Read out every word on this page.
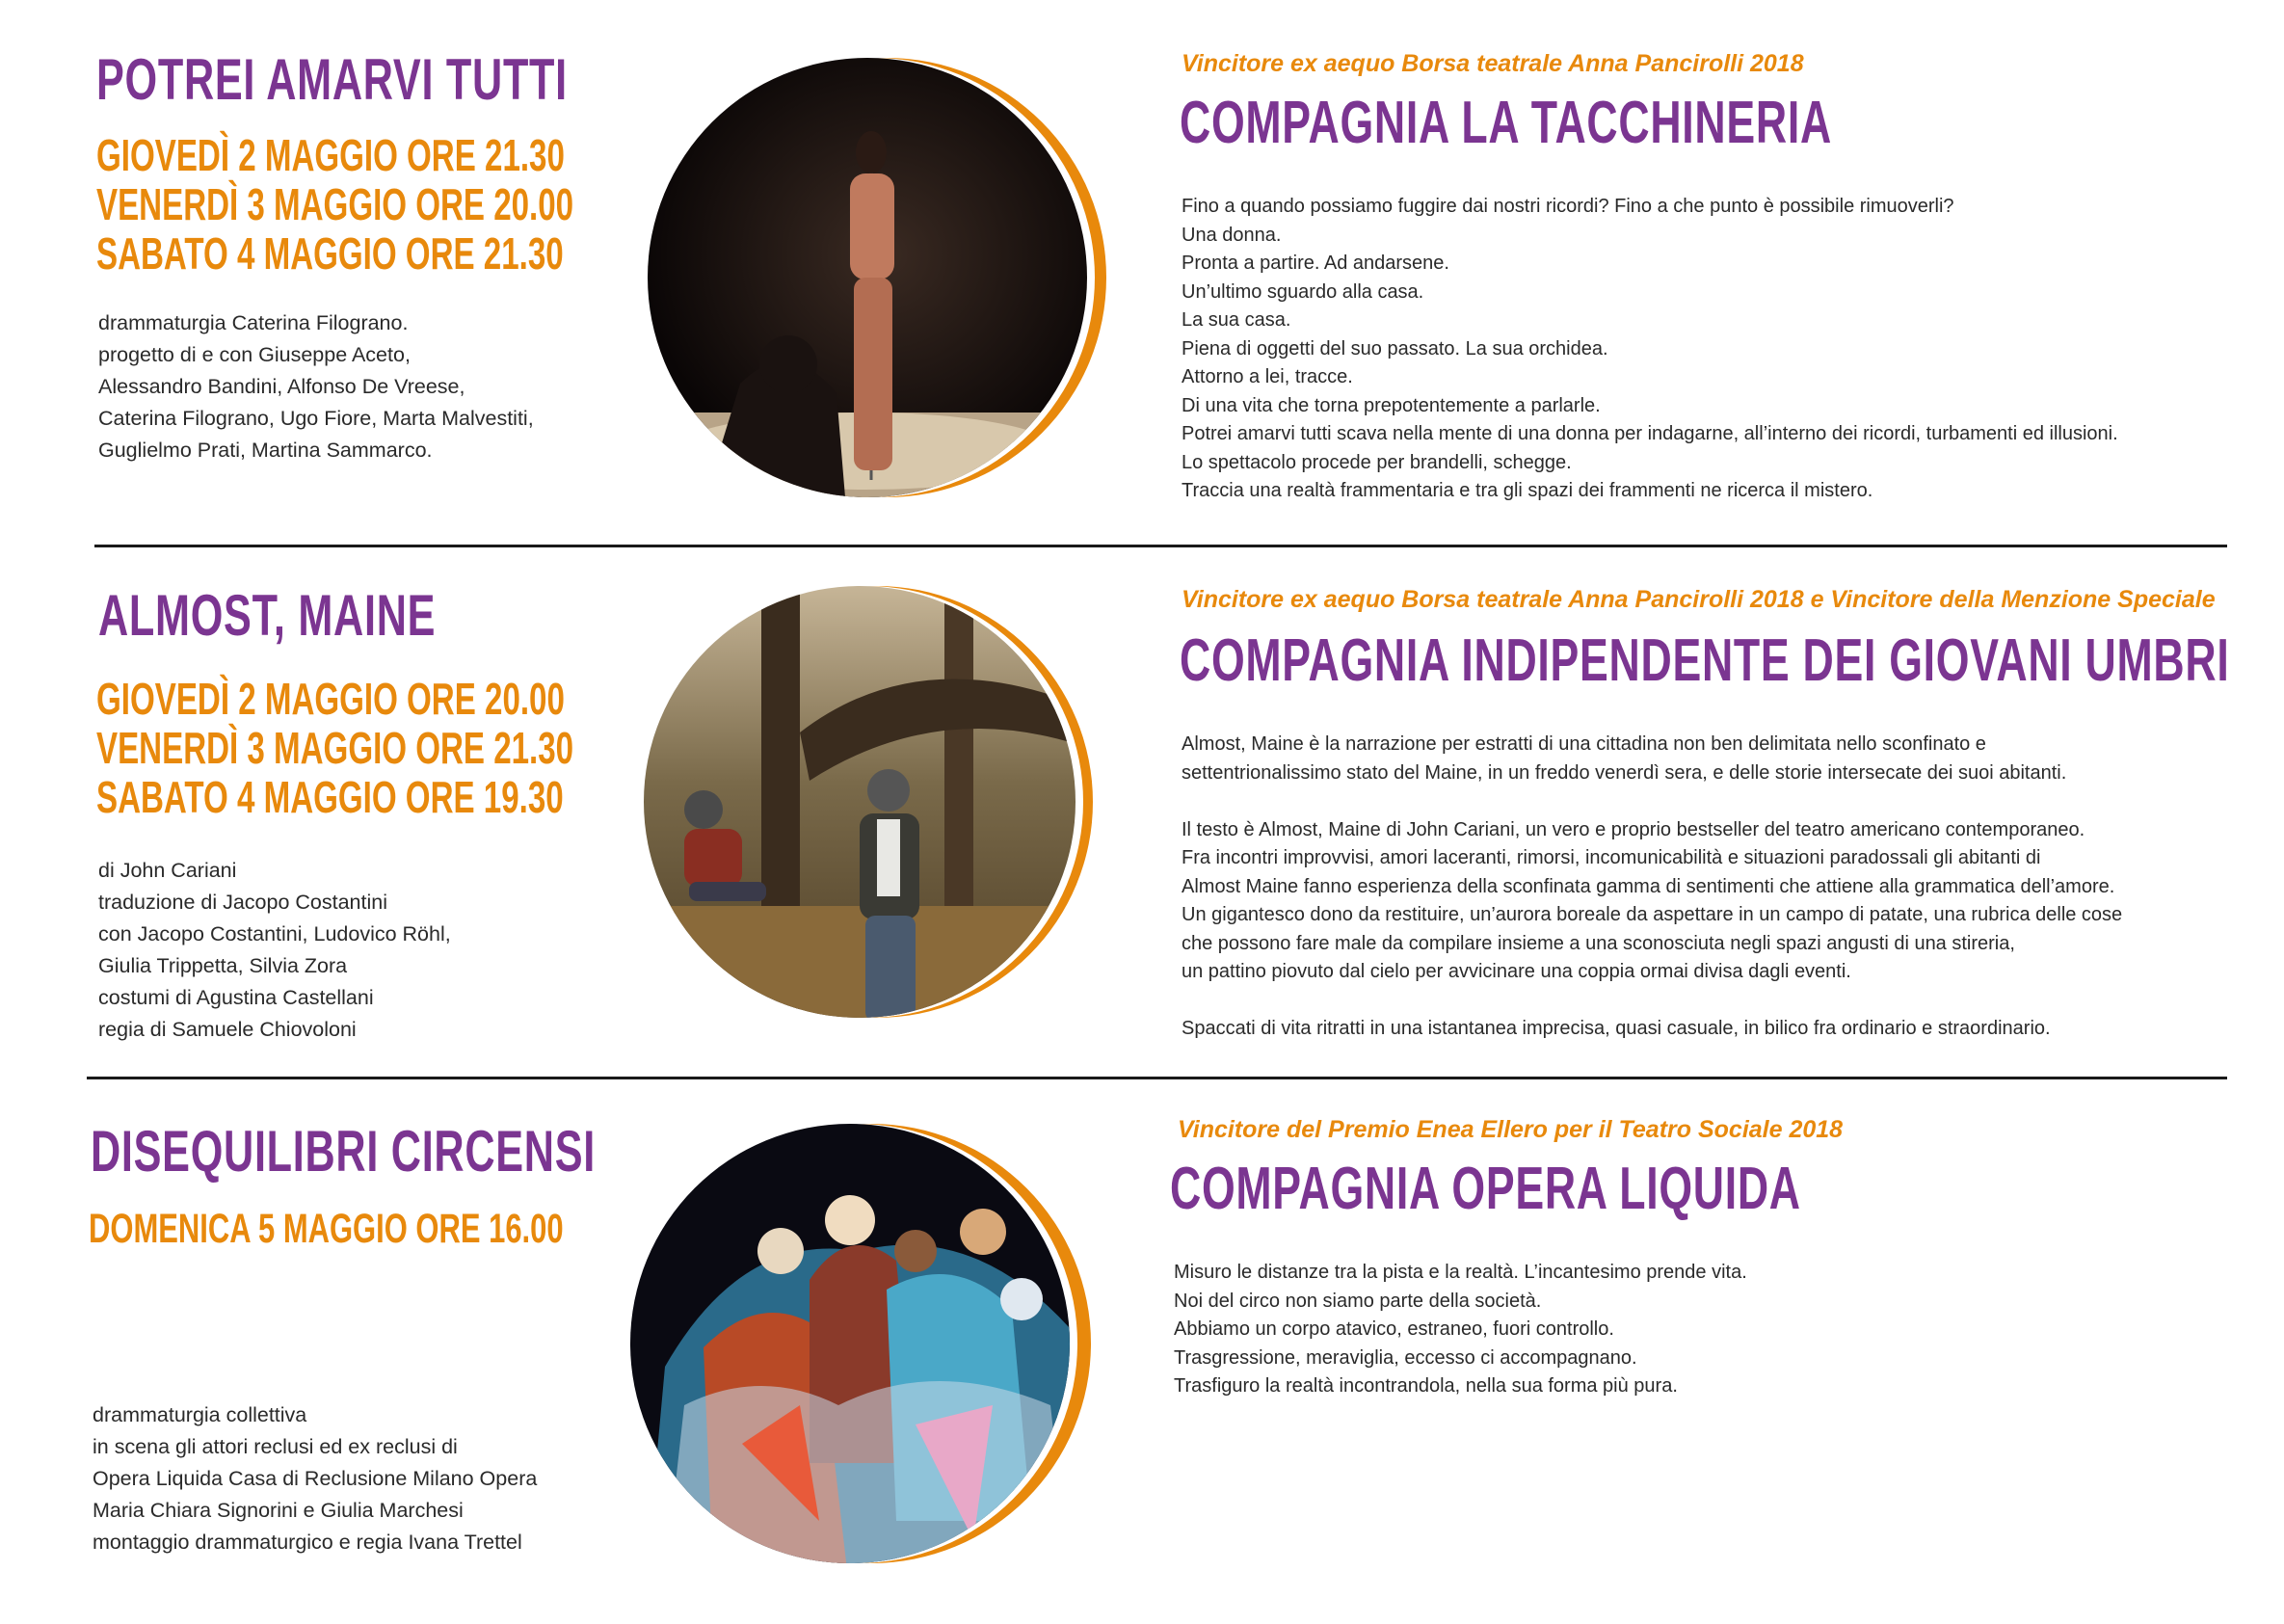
POTREI AMARVI TUTTI
GIOVEDÌ 2 MAGGIO ORE 21.30
VENERDÌ 3 MAGGIO ORE 20.00
SABATO 4 MAGGIO ORE 21.30
drammaturgia Caterina Filograno.
progetto di e con Giuseppe Aceto,
Alessandro Bandini, Alfonso De Vreese,
Caterina Filograno, Ugo Fiore, Marta Malvestiti,
Guglielmo Prati, Martina Sammarco.

Vincitore ex aequo Borsa teatrale Anna Pancirolli 2018

COMPAGNIA LA TACCHINERIA
Fino a quando possiamo fuggire dai nostri ricordi? Fino a che punto è possibile rimuoverli?
Una donna.
Pronta a partire. Ad andarsene.
Un’ultimo sguardo alla casa.
La sua casa.
Piena di oggetti del suo passato. La sua orchidea.
Attorno a lei, tracce.
Di una vita che torna prepotentemente a parlarle.
Potrei amarvi tutti scava nella mente di una donna per indagarne, all’interno dei ricordi, turbamenti ed illusioni.
Lo spettacolo procede per brandelli, schegge.
Traccia una realtà frammentaria e tra gli spazi dei frammenti ne ricerca il mistero.
ALMOST, MAINE
GIOVEDÌ 2 MAGGIO ORE 20.00
VENERDÌ 3 MAGGIO ORE 21.30
SABATO 4 MAGGIO ORE 19.30
di John Cariani
traduzione di Jacopo Costantini
con Jacopo Costantini, Ludovico Röhl,
Giulia Trippetta, Silvia Zora
costumi di Agustina Castellani
regia di Samuele Chiovoloni

Vincitore ex aequo Borsa teatrale Anna Pancirolli 2018 e Vincitore della Menzione Speciale

COMPAGNIA INDIPENDENTE DEI GIOVANI UMBRI
Almost, Maine è la narrazione per estratti di una cittadina non ben delimitata nello sconfinato e
settentrionalissimo stato del Maine, in un freddo venerdì sera, e delle storie intersecate dei suoi abitanti.
Il testo è Almost, Maine di John Cariani, un vero e proprio bestseller del teatro americano contemporaneo.
Fra incontri improvvisi, amori laceranti, rimorsi, incomunicabilità e situazioni paradossali gli abitanti di
Almost Maine fanno esperienza della sconfinata gamma di sentimenti che attiene alla grammatica dell’amore.
Un gigantesco dono da restituire, un’aurora boreale da aspettare in un campo di patate, una rubrica delle cose
che possono fare male da compilare insieme a una sconosciuta negli spazi angusti di una stireria,
un pattino piovuto dal cielo per avvicinare una coppia ormai divisa dagli eventi.
Spaccati di vita ritratti in una istantanea imprecisa, quasi casuale, in bilico fra ordinario e straordinario.
DISEQUILIBRI CIRCENSI
DOMENICA 5 MAGGIO ORE 16.00
drammaturgia collettiva
in scena gli attori reclusi ed ex reclusi di
Opera Liquida Casa di Reclusione Milano Opera
Maria Chiara Signorini e Giulia Marchesi
montaggio drammaturgico e regia Ivana Trettel

Vincitore del Premio Enea Ellero per il Teatro Sociale 2018

COMPAGNIA OPERA LIQUIDA
Misuro le distanze tra la pista e la realtà. L’incantesimo prende vita.
Noi del circo non siamo parte della società.
Abbiamo un corpo atavico, estraneo, fuori controllo.
Trasgressione, meraviglia, eccesso ci accompagnano.
Trasfiguro la realtà incontrandola, nella sua forma più pura.
